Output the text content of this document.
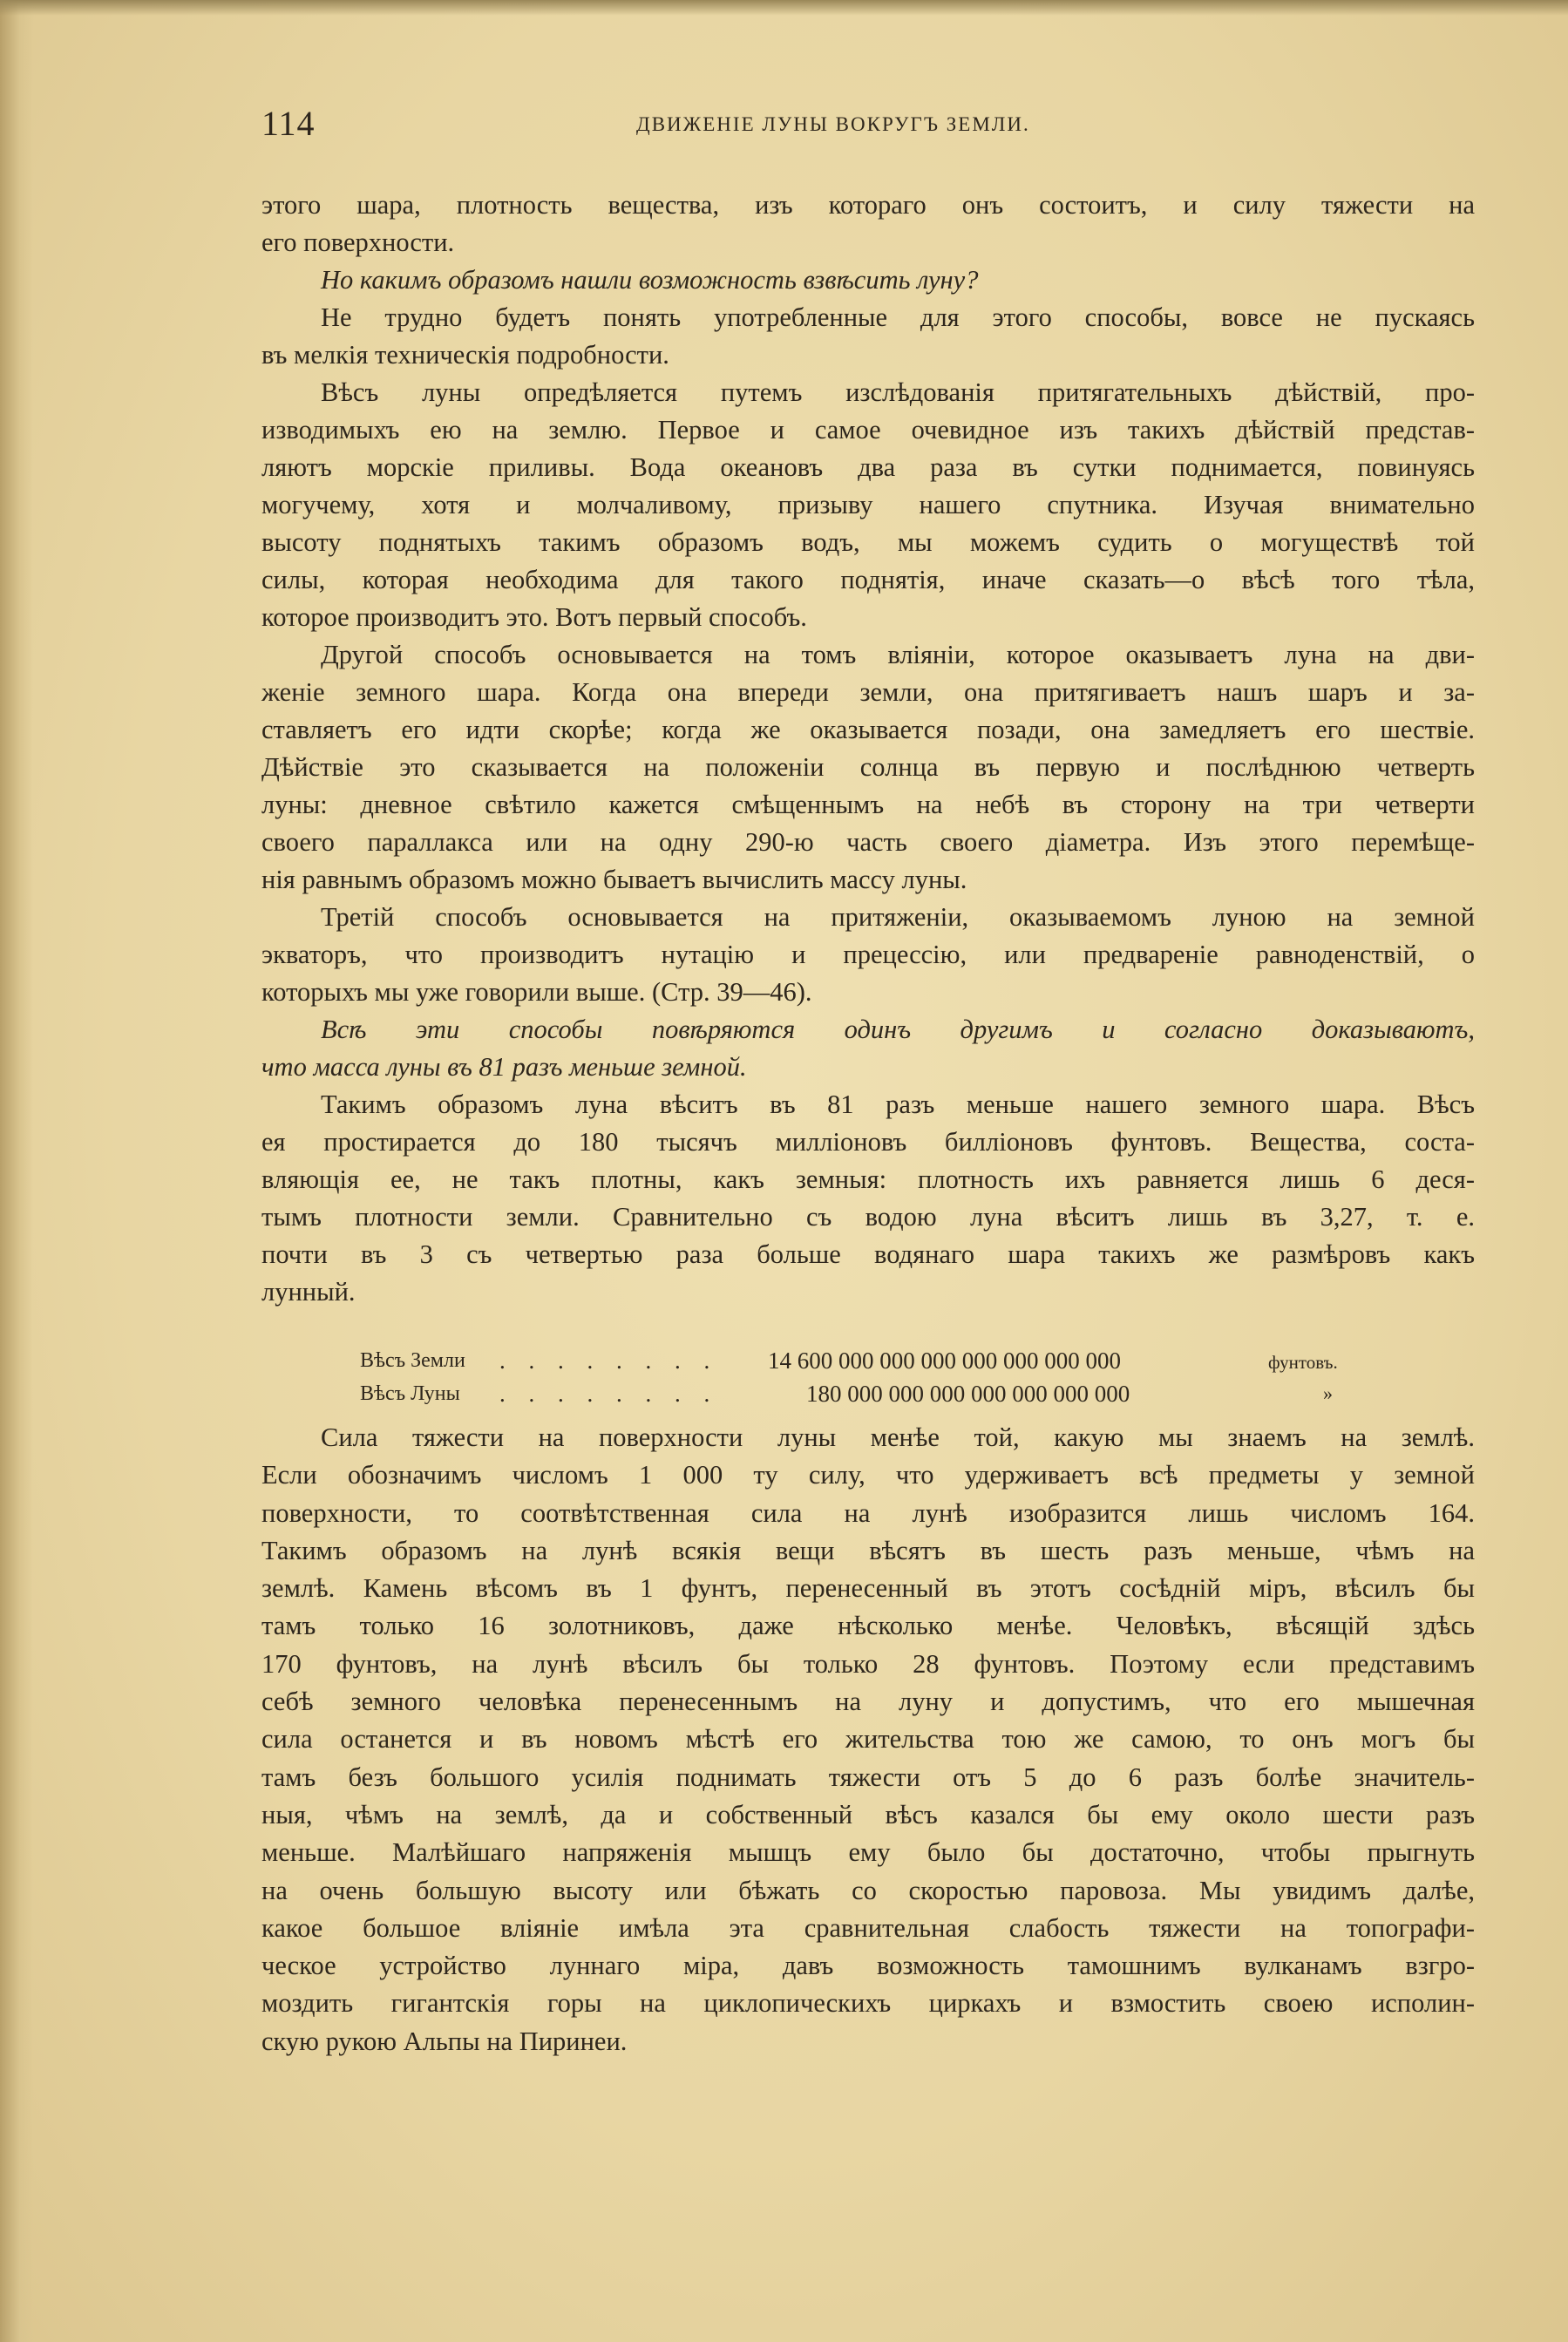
114	ДВИЖЕНІЕ ЛУНЫ ВОКРУГЪ ЗЕМЛИ.
этого шара, плотность вещества, изъ котораго онъ состоитъ, и силу тяжести на
его поверхности.
Но какимъ образомъ нашли возможность взвѣсить луну?
Не трудно будетъ понять употребленные для этого способы, вовсе не пускаясь
въ мелкія техническія подробности.
Вѣсъ луны опредѣляется путемъ изслѣдованія притягательныхъ дѣйствій, про-
изводимыхъ ею на землю. Первое и самое очевидное изъ такихъ дѣйствій представ-
ляютъ морскіе приливы. Вода океановъ два раза въ сутки поднимается, повинуясь
могучему, хотя и молчаливому, призыву нашего спутника. Изучая внимательно
высоту поднятыхъ такимъ образомъ водъ, мы можемъ судить о могуществѣ той
силы, которая необходима для такого поднятія, иначе сказать—о вѣсѣ того тѣла,
которое производитъ это. Вотъ первый способъ.
Другой способъ основывается на томъ вліяніи, которое оказываетъ луна на дви-
женіе земного шара. Когда она впереди земли, она притягиваетъ нашъ шаръ и за-
ставляетъ его идти скорѣе; когда же оказывается позади, она замедляетъ его шествіе.
Дѣйствіе это сказывается на положеніи солнца въ первую и послѣднюю четверть
луны: дневное свѣтило кажется смѣщеннымъ на небѣ въ сторону на три четверти
своего параллакса или на одну 290-ю часть своего діаметра. Изъ этого перемѣще-
нія равнымъ образомъ можно бываетъ вычислить массу луны.
Третій способъ основывается на притяженіи, оказываемомъ луною на земной
экваторъ, что производитъ нутацію и прецессію, или предвареніе равноденствій, о
которыхъ мы уже говорили выше. (Стр. 39—46).
Всѣ эти способы повѣряются одинъ другимъ и согласно доказываютъ,
что масса луны въ 81 разъ меньше земной.
Такимъ образомъ луна вѣситъ въ 81 разъ меньше нашего земного шара. Вѣсъ
ея простирается до 180 тысячъ милліоновъ билліоновъ фунтовъ. Вещества, соста-
вляющія ее, не такъ плотны, какъ земныя: плотность ихъ равняется лишь 6 деся-
тымъ плотности земли. Сравнительно съ водою луна вѣситъ лишь въ 3,27, т. е.
почти въ 3 съ четвертью раза больше водянаго шара такихъ же размѣровъ какъ
лунный.
Вѣсъ Земли . . . . . . . . 14 600 000 000 000 000 000 000 000	фунтовъ.
Вѣсъ Луны . . . . . . . .	180 000 000 000 000 000 000 000	»
Сила тяжести на поверхности луны менѣе той, какую мы знаемъ на землѣ.
Если обозначимъ числомъ 1 000 ту силу, что удерживаетъ всѣ предметы у земной
поверхности, то соотвѣтственная сила на лунѣ изобразится лишь числомъ 164.
Такимъ образомъ на лунѣ всякія вещи вѣсятъ въ шесть разъ меньше, чѣмъ на
землѣ. Камень вѣсомъ въ 1 фунтъ, перенесенный въ этотъ сосѣдній міръ, вѣсилъ бы
тамъ только 16 золотниковъ, даже нѣсколько менѣе. Человѣкъ, вѣсящій здѣсь
170 фунтовъ, на лунѣ вѣсилъ бы только 28 фунтовъ. Поэтому если представимъ
себѣ земного человѣка перенесеннымъ на луну и допустимъ, что его мышечная
сила останется и въ новомъ мѣстѣ его жительства тою же самою, то онъ могъ бы
тамъ безъ большого усилія поднимать тяжести отъ 5 до 6 разъ болѣе значитель-
ныя, чѣмъ на землѣ, да и собственный вѣсъ казался бы ему около шести разъ
меньше. Малѣйшаго напряженія мышцъ ему было бы достаточно, чтобы прыгнуть
на очень большую высоту или бѣжать со скоростью паровоза. Мы увидимъ далѣе,
какое большое вліяніе имѣла эта сравнительная слабость тяжести на топографи-
ческое устройство луннаго міра, давъ возможность тамошнимъ вулканамъ взгро-
моздить гигантскія горы на циклопическихъ циркахъ и взмостить своею исполин-
скую рукою Альпы на Пиринеи.
